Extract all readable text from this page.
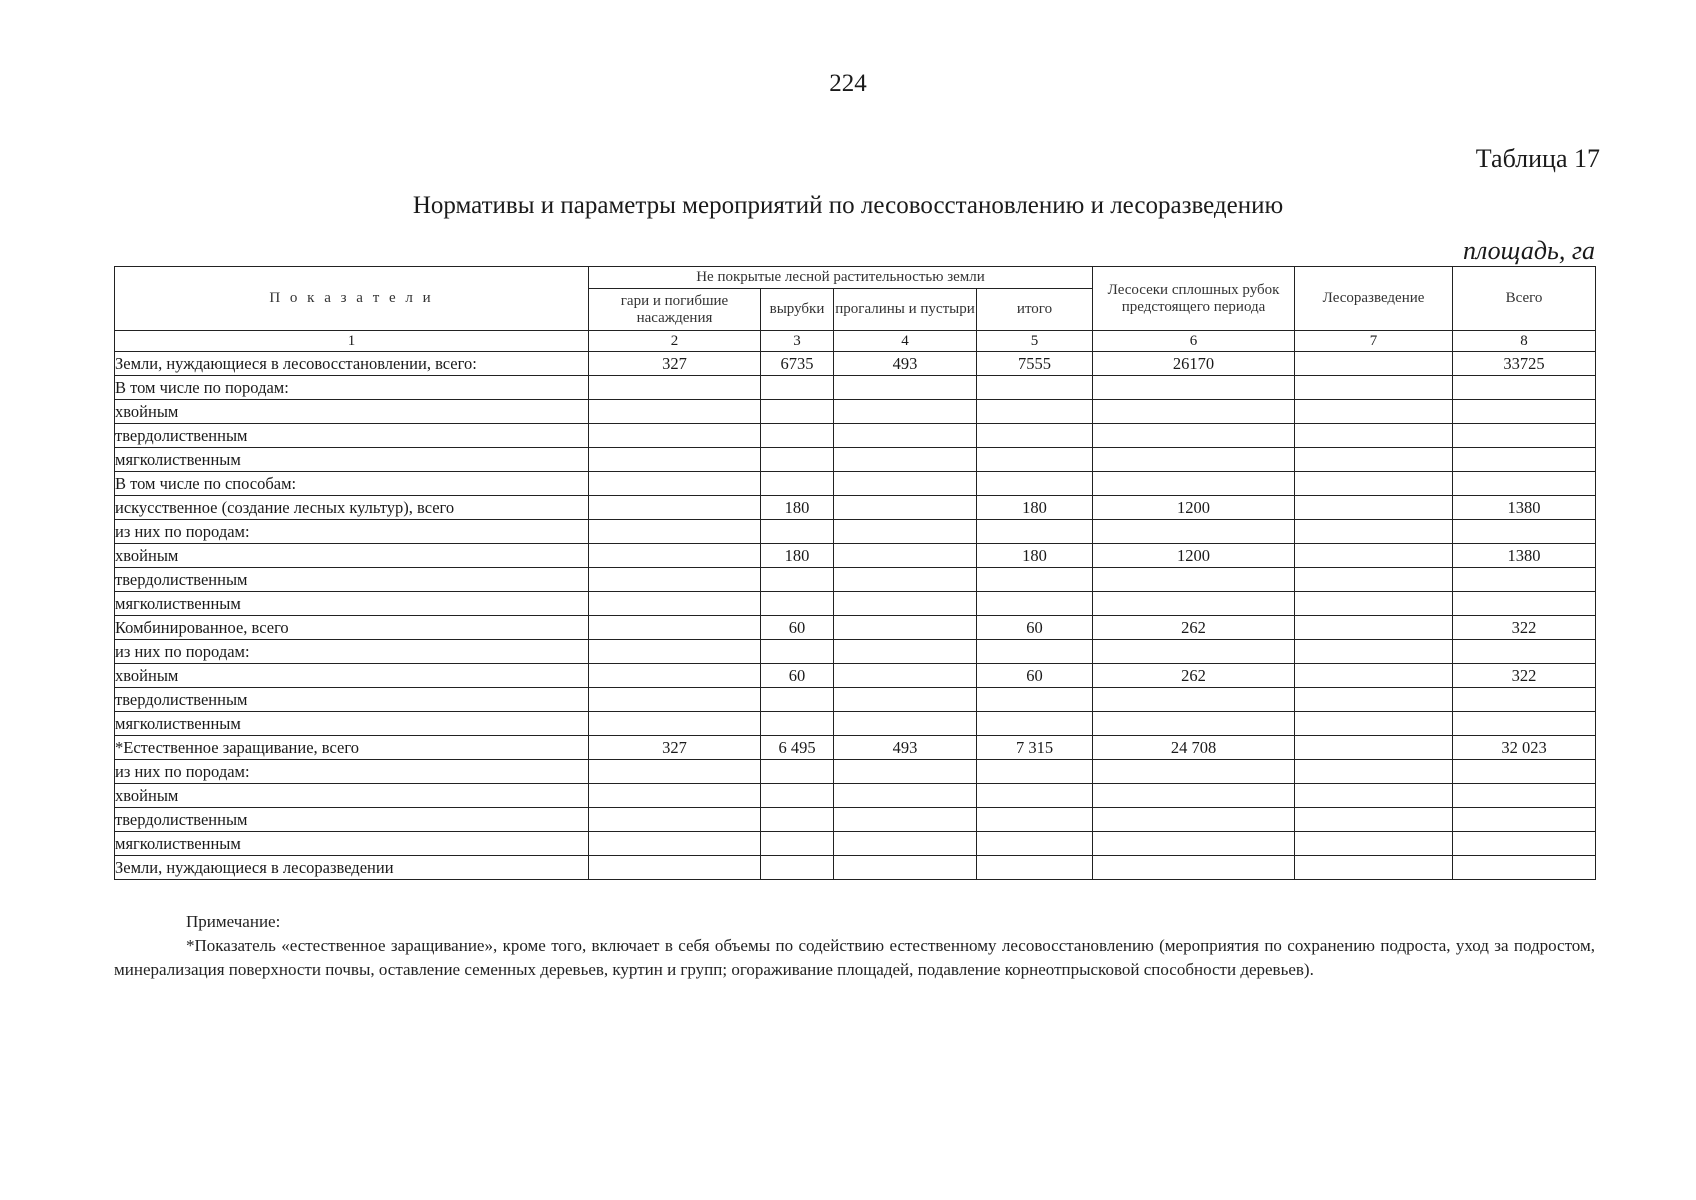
224
Таблица 17
Нормативы и параметры мероприятий по лесовосстановлению и лесоразведению
площадь, га
П о к а з а т е л и	Не покрытые лесной растительностью земли				Лесосеки сплошных рубок предстоящего периода	Лесоразведение	Всего
	гари и погибшие насаждения	вырубки	прогалины и пустыри	итого			
1	2	3	4	5	6	7	8
Земли, нуждающиеся в лесовосстановлении, всего:	327	6735	493	7555	26170		33725
В том числе по породам:							
хвойным							
твердолиственным							
мягколиственным							
В том числе по способам:							
искусственное (создание лесных культур), всего		180		180	1200		1380
из них по породам:							
хвойным		180		180	1200		1380
твердолиственным							
мягколиственным							
Комбинированное, всего		60		60	262		322
из них по породам:							
хвойным		60		60	262		322
твердолиственным							
мягколиственным							
*Естественное заращивание, всего	327	6 495	493	7 315	24 708		32 023
из них по породам:							
хвойным							
твердолиственным							
мягколиственным							
Земли, нуждающиеся в лесоразведении							
Примечание:
*Показатель «естественное заращивание», кроме того, включает в себя объемы по содействию естественному лесовосстановлению (мероприятия по сохранению подроста, уход за подростом, минерализация поверхности почвы, оставление семенных деревьев, куртин и групп; огораживание площадей, подавление корнеотпрысковой способности деревьев).
